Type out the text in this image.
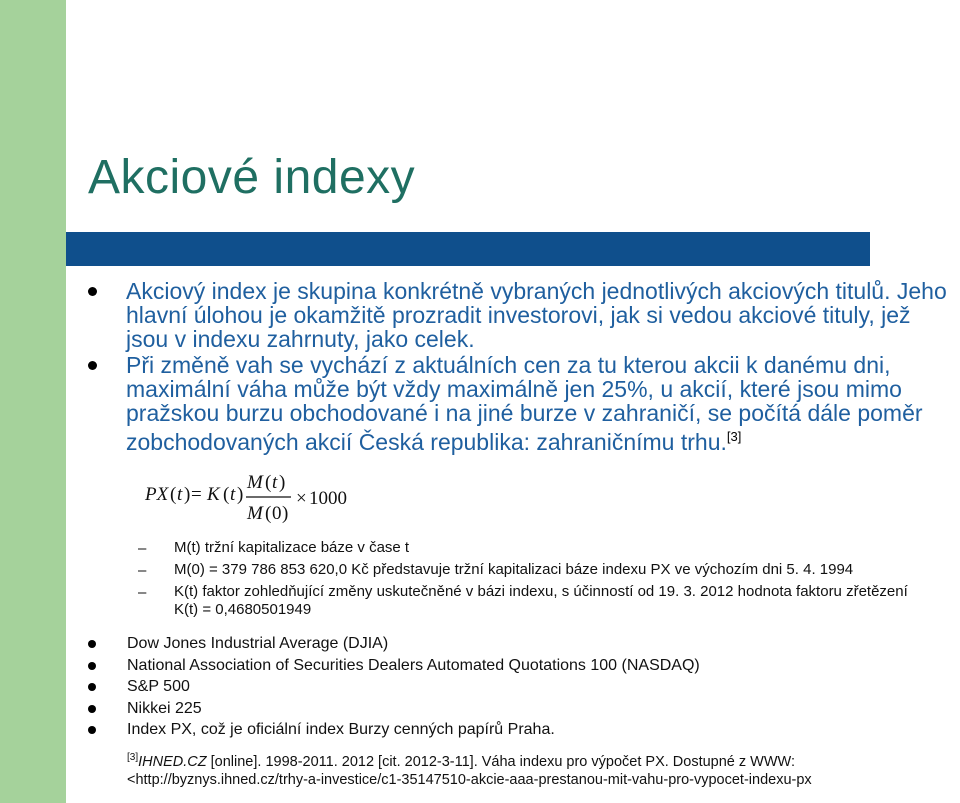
Akciové indexy
Akciový index je skupina konkrétně vybraných jednotlivých akciových titulů. Jeho hlavní úlohou je okamžitě prozradit investorovi, jak si vedou akciové tituly, jež jsou v indexu zahrnuty, jako celek.
Při změně vah se vychází z aktuálních cen za tu kterou akcii k danému dni, maximální váha může být vždy maximálně jen 25%, u akcií, které jsou mimo pražskou burzu obchodované i na jiné burze v zahraničí, se počítá dále poměr zobchodovaných akcií Česká republika: zahraničnímu trhu.[3]
PX ( t ) = K ( t )
M ( t )
M ( 0 )
× 1000
– M(t) tržní kapitalizace báze v čase t
– M(0) = 379 786 853 620,0 Kč představuje tržní kapitalizaci báze indexu PX ve výchozím dni 5. 4. 1994
– K(t) faktor zohledňující změny uskutečněné v bázi indexu, s účinností od 19. 3. 2012 hodnota faktoru zřetězení K(t) = 0,4680501949
Dow Jones Industrial Average (DJIA)
National Association of Securities Dealers Automated Quotations 100 (NASDAQ)
S&P 500
Nikkei 225
Index PX, což je oficiální index Burzy cenných papírů Praha.
[3]IHNED.CZ [online]. 1998-2011. 2012 [cit. 2012-3-11]. Váha indexu pro výpočet PX. Dostupné z WWW: <http://byznys.ihned.cz/trhy-a-investice/c1-35147510-akcie-aaa-prestanou-mit-vahu-pro-vypocet-indexu-px
